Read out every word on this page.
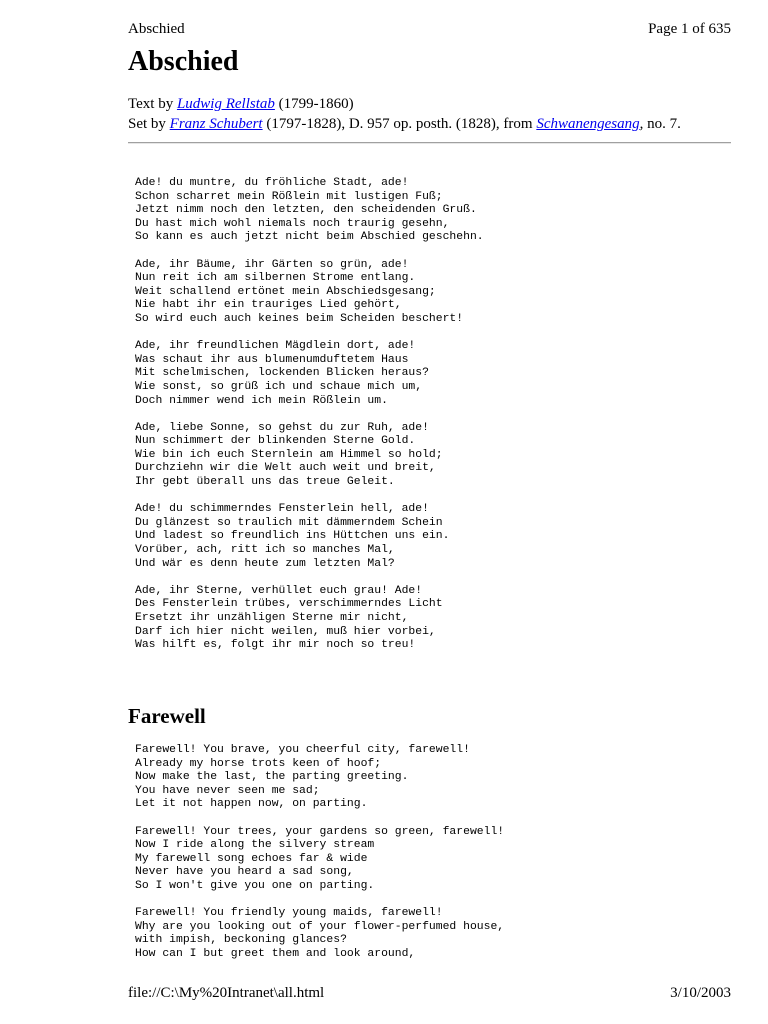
Abschied	Page 1 of 635
Abschied
Text by Ludwig Rellstab (1799-1860)
Set by Franz Schubert (1797-1828), D. 957 op. posth. (1828), from Schwanengesang, no. 7.
Ade! du muntre, du fröhliche Stadt, ade!
Schon scharret mein Rößlein mit lustigen Fuß;
Jetzt nimm noch den letzten, den scheidenden Gruß.
Du hast mich wohl niemals noch traurig gesehn,
So kann es auch jetzt nicht beim Abschied geschehn.
Ade, ihr Bäume, ihr Gärten so grün, ade!
Nun reit ich am silbernen Strome entlang.
Weit schallend ertönet mein Abschiedsgesang;
Nie habt ihr ein trauriges Lied gehört,
So wird euch auch keines beim Scheiden beschert!
Ade, ihr freundlichen Mägdlein dort, ade!
Was schaut ihr aus blumenumduftetem Haus
Mit schelmischen, lockenden Blicken heraus?
Wie sonst, so grüß ich und schaue mich um,
Doch nimmer wend ich mein Rößlein um.
Ade, liebe Sonne, so gehst du zur Ruh, ade!
Nun schimmert der blinkenden Sterne Gold.
Wie bin ich euch Sternlein am Himmel so hold;
Durchziehn wir die Welt auch weit und breit,
Ihr gebt überall uns das treue Geleit.
Ade! du schimmerndes Fensterlein hell, ade!
Du glänzest so traulich mit dämmerndem Schein
Und ladest so freundlich ins Hüttchen uns ein.
Vorüber, ach, ritt ich so manches Mal,
Und wär es denn heute zum letzten Mal?
Ade, ihr Sterne, verhüllet euch grau! Ade!
Des Fensterlein trübes, verschimmerndes Licht
Ersetzt ihr unzähligen Sterne mir nicht,
Darf ich hier nicht weilen, muß hier vorbei,
Was hilft es, folgt ihr mir noch so treu!
Farewell
Farewell! You brave, you cheerful city, farewell!
Already my horse trots keen of hoof;
Now make the last, the parting greeting.
You have never seen me sad;
Let it not happen now, on parting.
Farewell! Your trees, your gardens so green, farewell!
Now I ride along the silvery stream
My farewell song echoes far & wide
Never have you heard a sad song,
So I won't give you one on parting.
Farewell! You friendly young maids, farewell!
Why are you looking out of your flower-perfumed house,
with impish, beckoning glances?
How can I but greet them and look around,
file://C:\My%20Intranet\all.html	3/10/2003
